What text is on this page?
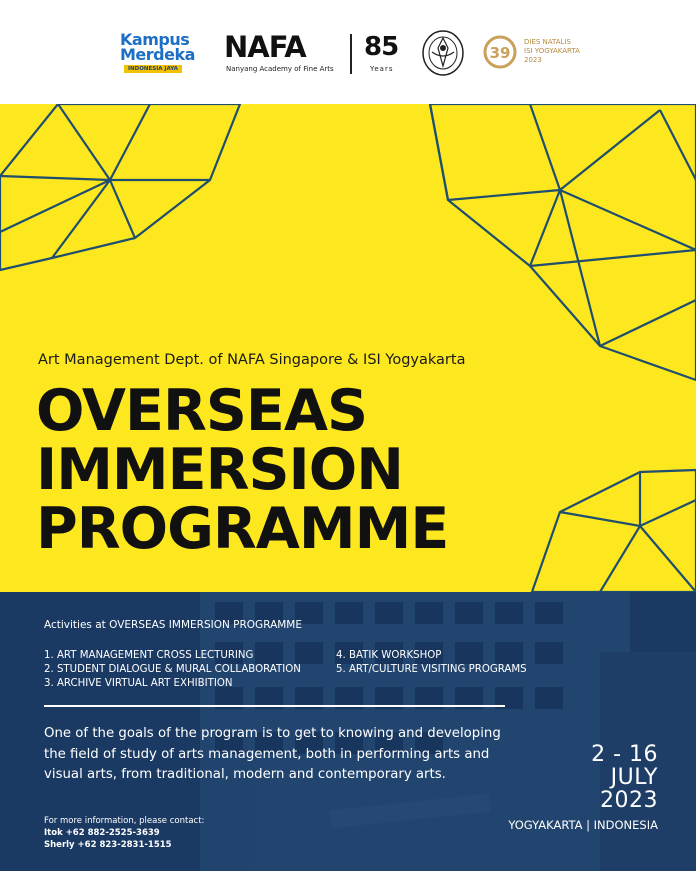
Kampus
Merdeka
INDONESIA JAYA
NAFA
Nanyang Academy of Fine Arts
85
Years
39
DIES NATALIS
ISI YOGYAKARTA
2023
Art Management Dept. of NAFA Singapore & ISI Yogyakarta
OVERSEAS
IMMERSION
PROGRAMME
Activities at OVERSEAS IMMERSION PROGRAMME
1. ART MANAGEMENT CROSS LECTURING
2. STUDENT DIALOGUE & MURAL COLLABORATION
3. ARCHIVE VIRTUAL ART EXHIBITION
4. BATIK WORKSHOP
5. ART/CULTURE VISITING PROGRAMS
One of the goals of the program is to get to knowing and developing the field of study of arts management, both in performing arts and visual arts, from traditional, modern and contemporary arts.
For more information, please contact:
Itok +62 882-2525-3639
Sherly +62 823-2831-1515
2 - 16
JULY
2023
YOGYAKARTA | INDONESIA
